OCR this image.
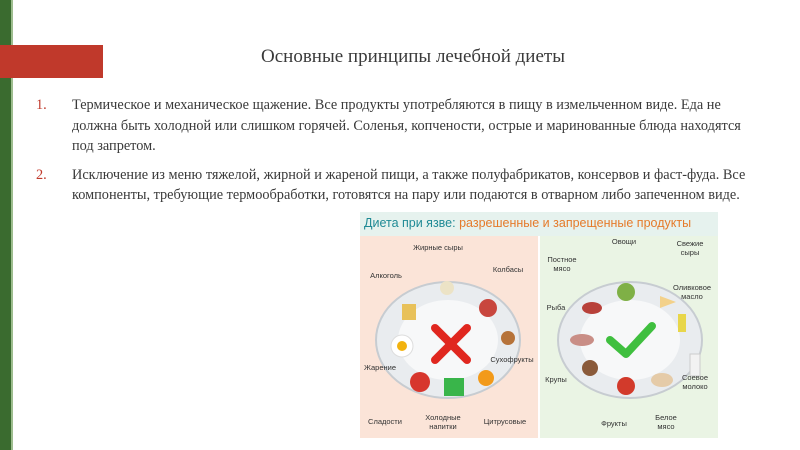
Основные принципы лечебной диеты
1. Термическое и механическое щажение. Все продукты употребляются в пищу в измельченном виде. Еда не должна быть холодной или слишком горячей. Соленья, копчености, острые и маринованные блюда находятся под запретом.
2. Исключение из меню тяжелой, жирной и жареной пищи, а также полуфабрикатов, консервов и фаст-фуда. Все компоненты, требующие термообработки, готовятся на пару или подаются в отварном либо запеченном виде.
Диета при язве: разрешенные и запрещенные продукты
Жирные сыры
Колбасы
Алкоголь
Жарение
Сухофрукты
Сладости	Холодные напитки	Цитрусовые
Овощи
Постное мясо
Свежие сыры
Оливковое масло
Рыба
Крупы	Соевое молоко
Фрукты
Белое мясо
